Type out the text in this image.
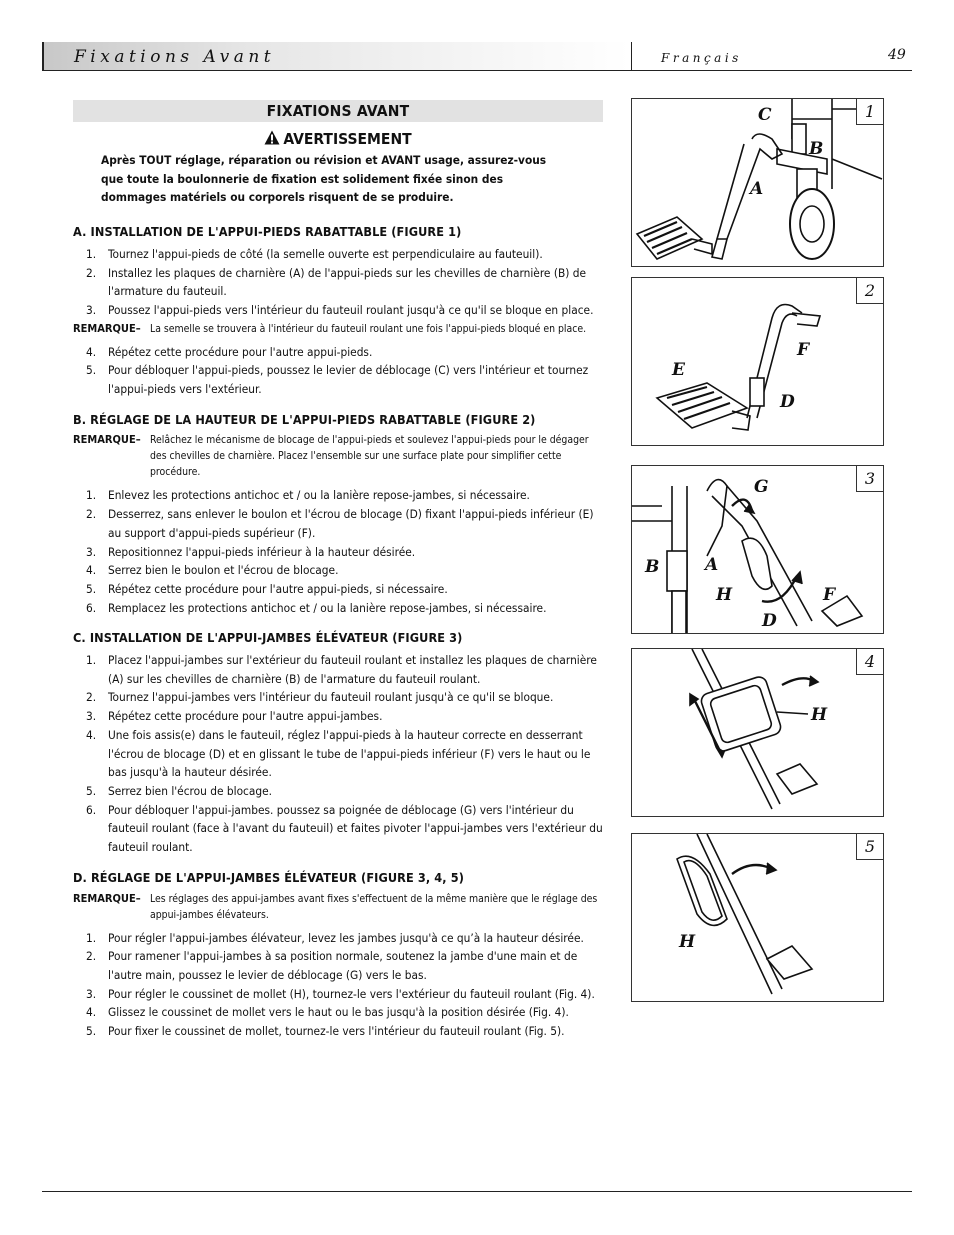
Fixations Avant	Français	49
FIXATIONS AVANT
AVERTISSEMENT
Après TOUT réglage, réparation ou révision et AVANT usage, assurez-vous que toute la boulonnerie de fixation est solidement fixée sinon des dommages matériels ou corporels risquent de se produire.
A. INSTALLATION DE L'APPUI-PIEDS RABATTABLE (FIGURE 1)
1.	Tournez l'appui-pieds de côté (la semelle ouverte est perpendiculaire au fauteuil).
2.	Installez les plaques de charnière (A) de l'appui-pieds sur les chevilles de charnière (B) de l'armature du fauteuil.
3.	Poussez l'appui-pieds vers l'intérieur du fauteuil roulant jusqu'à ce qu'il se bloque en place.
REMARQUE– La semelle se trouvera à l'intérieur du fauteuil roulant une fois l'appui-pieds bloqué en place.
4.	Répétez cette procédure pour l'autre appui-pieds.
5.	Pour débloquer l'appui-pieds, poussez le levier de déblocage (C) vers l'intérieur et tournez l'appui-pieds vers l'extérieur.
B. RÉGLAGE DE LA HAUTEUR DE L'APPUI-PIEDS RABATTABLE (FIGURE 2)
REMARQUE– Relâchez le mécanisme de blocage de l'appui-pieds et soulevez l'appui-pieds pour le dégager des chevilles de charnière. Placez l'ensemble sur une surface plate pour simplifier cette procédure.
1.	Enlevez les protections antichoc et / ou la lanière repose-jambes, si nécessaire.
2.	Desserrez, sans enlever le boulon et l'écrou de blocage (D) fixant l'appui-pieds inférieur (E) au support d'appui-pieds supérieur (F).
3.	Repositionnez l'appui-pieds inférieur à la hauteur désirée.
4.	Serrez bien le boulon et l'écrou de blocage.
5.	Répétez cette procédure pour l'autre appui-pieds, si nécessaire.
6.	Remplacez les protections antichoc et / ou la lanière repose-jambes, si nécessaire.
C. INSTALLATION DE L'APPUI-JAMBES ÉLÉVATEUR (FIGURE 3)
1.	Placez l'appui-jambes sur l'extérieur du fauteuil roulant et installez les plaques de charnière (A) sur les chevilles de charnière (B) de l'armature du fauteuil roulant.
2.	Tournez l'appui-jambes vers l'intérieur du fauteuil roulant jusqu'à ce qu'il se bloque.
3.	Répétez cette procédure pour l'autre appui-jambes.
4.	Une fois assis(e) dans le fauteuil, réglez l'appui-pieds à la hauteur correcte en desserrant l'écrou de blocage (D) et en glissant le tube de l'appui-pieds inférieur (F) vers le haut ou le bas jusqu'à la hauteur désirée.
5.	Serrez bien l'écrou de blocage.
6.	Pour débloquer l'appui-jambes. poussez sa poignée de déblocage (G) vers l'intérieur du fauteuil roulant (face à l'avant du fauteuil) et faites pivoter l'appui-jambes vers l'extérieur du fauteuil roulant.
D. RÉGLAGE DE L'APPUI-JAMBES ÉLÉVATEUR (FIGURE 3, 4, 5)
REMARQUE– Les réglages des appui-jambes avant fixes s'effectuent de la même manière que le réglage des appui-jambes élévateurs.
1.	Pour régler l'appui-jambes élévateur, levez les jambes jusqu'à ce qu’à la hauteur désirée.
2.	Pour ramener l'appui-jambes à sa position normale, soutenez la jambe d'une main et de l'autre main, poussez le levier de déblocage (G) vers le bas.
3.	Pour régler le coussinet de mollet (H), tournez-le vers l'extérieur du fauteuil roulant (Fig. 4).
4.	Glissez le coussinet de mollet vers le haut ou le bas jusqu'à la position désirée (Fig. 4).
5.	Pour fixer le coussinet de mollet, tournez-le vers l'intérieur du fauteuil roulant (Fig. 5).
1
C
B
A
2
F
E
D
3
G
B	A
H	F
D
4
H
5
H
